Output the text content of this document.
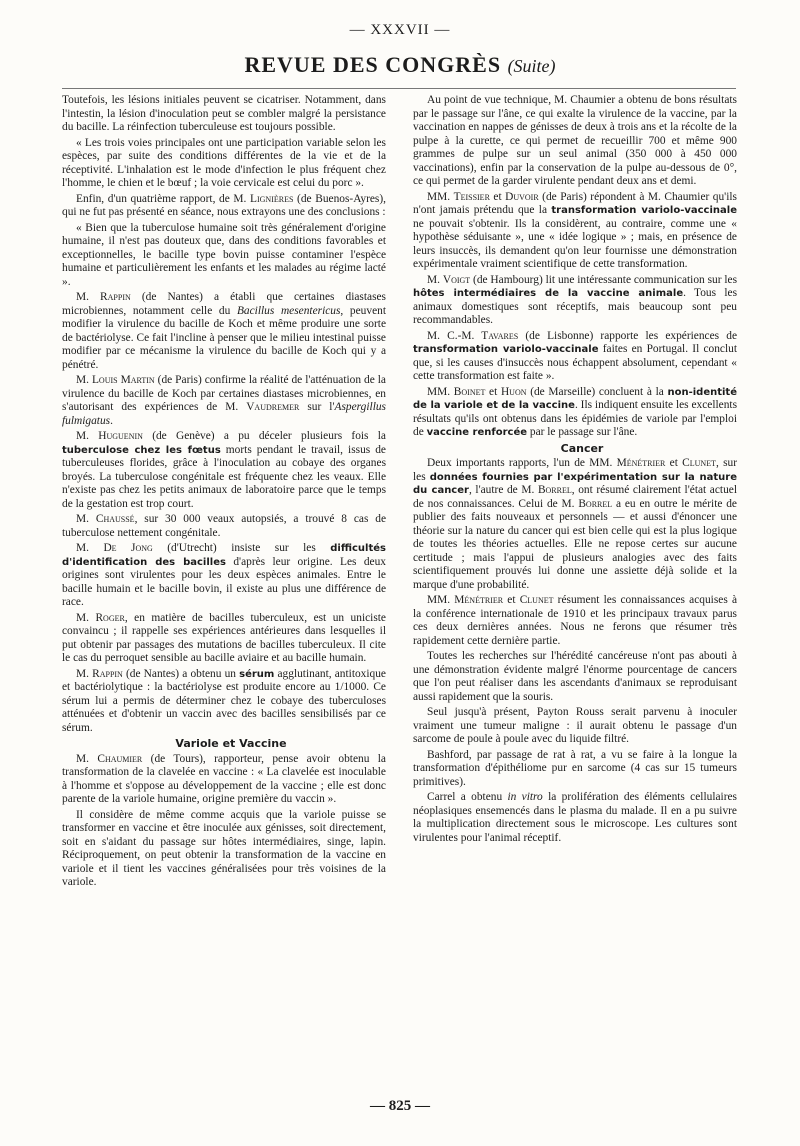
— XXXVII —
REVUE DES CONGRÈS (Suite)

Toutefois, les lésions initiales peuvent se cicatriser. Notamment, dans l'intestin, la lésion d'inoculation peut se combler malgré la persistance du bacille. La réinfection tuberculeuse est toujours possible.

« Les trois voies principales ont une participation variable selon les espèces, par suite des conditions différentes de la vie et de la réceptivité. L'inhalation est le mode d'infection le plus fréquent chez l'homme, le chien et le bœuf ; la voie cervicale est celui du porc ».

Enfin, d'un quatrième rapport, de M. Lignières (de Buenos-Ayres), qui ne fut pas présenté en séance, nous extrayons une des conclusions :

« Bien que la tuberculose humaine soit très généralement d'origine humaine, il n'est pas douteux que, dans des conditions favorables et exceptionnelles, le bacille type bovin puisse contaminer l'espèce humaine et particulièrement les enfants et les malades au régime lacté ».

M. Rappin (de Nantes) a établi que certaines diastases microbiennes, notamment celle du Bacillus mesentericus, peuvent modifier la virulence du bacille de Koch et même produire une sorte de bactériolyse. Ce fait l'incline à penser que le milieu intestinal puisse modifier par ce mécanisme la virulence du bacille de Koch qui y a pénétré.

M. Louis Martin (de Paris) confirme la réalité de l'atténuation de la virulence du bacille de Koch par certaines diastases microbiennes, en s'autorisant des expériences de M. Vaudremer sur l'Aspergillus fulmigatus.

M. Huguenin (de Genève) a pu déceler plusieurs fois la tuberculose chez les fœtus morts pendant le travail, issus de tuberculeuses florides, grâce à l'inoculation au cobaye des organes broyés. La tuberculose congénitale est fréquente chez les veaux. Elle n'existe pas chez les petits animaux de laboratoire parce que le temps de la gestation est trop court.

M. Chaussé, sur 30 000 veaux autopsiés, a trouvé 8 cas de tuberculose nettement congénitale.

M. De Jong (d'Utrecht) insiste sur les difficultés d'identification des bacilles d'après leur origine. Les deux origines sont virulentes pour les deux espèces animales. Entre le bacille humain et le bacille bovin, il existe au plus une différence de race.

M. Roger, en matière de bacilles tuberculeux, est un uniciste convaincu ; il rappelle ses expériences antérieures dans lesquelles il put obtenir par passages des mutations de bacilles tuberculeux. Il cite le cas du perroquet sensible au bacille aviaire et au bacille humain.

M. Rappin (de Nantes) a obtenu un sérum agglutinant, antitoxique et bactériolytique : la bactériolyse est produite encore au 1/1000. Ce sérum lui a permis de déterminer chez le cobaye des tuberculoses atténuées et d'obtenir un vaccin avec des bacilles sensibilisés par ce sérum.

Variole et Vaccine

M. Chaumier (de Tours), rapporteur, pense avoir obtenu la transformation de la clavelée en vaccine : « La clavelée est inoculable à l'homme et s'oppose au développement de la vaccine ; elle est donc parente de la variole humaine, origine première du vaccin ».

Il considère de même comme acquis que la variole puisse se transformer en vaccine et être inoculée aux génisses, soit directement, soit en s'aidant du passage sur hôtes intermédiaires, singe, lapin. Réciproquement, on peut obtenir la transformation de la vaccine en variole et il tient les vaccines généralisées pour très voisines de la variole.

Au point de vue technique, M. Chaumier a obtenu de bons résultats par le passage sur l'âne, ce qui exalte la virulence de la vaccine, par la vaccination en nappes de génisses de deux à trois ans et la récolte de la pulpe à la curette, ce qui permet de recueillir 700 et même 900 grammes de pulpe sur un seul animal (350 000 à 450 000 vaccinations), enfin par la conservation de la pulpe au-dessous de 0°, ce qui permet de la garder virulente pendant deux ans et demi.

MM. Teissier et Duvoir (de Paris) répondent à M. Chaumier qu'ils n'ont jamais prétendu que la transformation variolo-vaccinale ne pouvait s'obtenir. Ils la considèrent, au contraire, comme une « hypothèse séduisante », une « idée logique » ; mais, en présence de leurs insuccès, ils demandent qu'on leur fournisse une démonstration expérimentale vraiment scientifique de cette transformation.

M. Voigt (de Hambourg) lit une intéressante communication sur les hôtes intermédiaires de la vaccine animale. Tous les animaux domestiques sont réceptifs, mais beaucoup sont peu recommandables.

M. C.-M. Tavares (de Lisbonne) rapporte les expériences de transformation variolo-vaccinale faites en Portugal. Il conclut que, si les causes d'insuccès nous échappent absolument, cependant « cette transformation est faite ».

MM. Boinet et Huon (de Marseille) concluent à la non-identité de la variole et de la vaccine. Ils indiquent ensuite les excellents résultats qu'ils ont obtenus dans les épidémies de variole par l'emploi de vaccine renforcée par le passage sur l'âne.

Cancer

Deux importants rapports, l'un de MM. Ménétrier et Clunet, sur les données fournies par l'expérimentation sur la nature du cancer, l'autre de M. Borrel, ont résumé clairement l'état actuel de nos connaissances. Celui de M. Borrel a eu en outre le mérite de publier des faits nouveaux et personnels — et aussi d'énoncer une théorie sur la nature du cancer qui est bien celle qui est la plus logique de toutes les théories actuelles. Elle ne repose certes sur aucune certitude ; mais l'appui de plusieurs analogies avec des faits scientifiquement prouvés lui donne une assiette déjà solide et la marque d'une probabilité.

MM. Ménétrier et Clunet résument les connaissances acquises à la conférence internationale de 1910 et les principaux travaux parus ces deux dernières années. Nous ne ferons que résumer très rapidement cette dernière partie.

Toutes les recherches sur l'hérédité cancéreuse n'ont pas abouti à une démonstration évidente malgré l'énorme pourcentage de cancers que l'on peut réaliser dans les ascendants d'animaux se reproduisant aussi rapidement que la souris.

Seul jusqu'à présent, Payton Rouss serait parvenu à inoculer vraiment une tumeur maligne : il aurait obtenu le passage d'un sarcome de poule à poule avec du liquide filtré.

Bashford, par passage de rat à rat, a vu se faire à la longue la transformation d'épithéliome pur en sarcome (4 cas sur 15 tumeurs primitives).

Carrel a obtenu in vitro la prolifération des éléments cellulaires néoplasiques ensemencés dans le plasma du malade. Il en a pu suivre la multiplication directement sous le microscope. Les cultures sont virulentes pour l'animal réceptif.

— 825 —
